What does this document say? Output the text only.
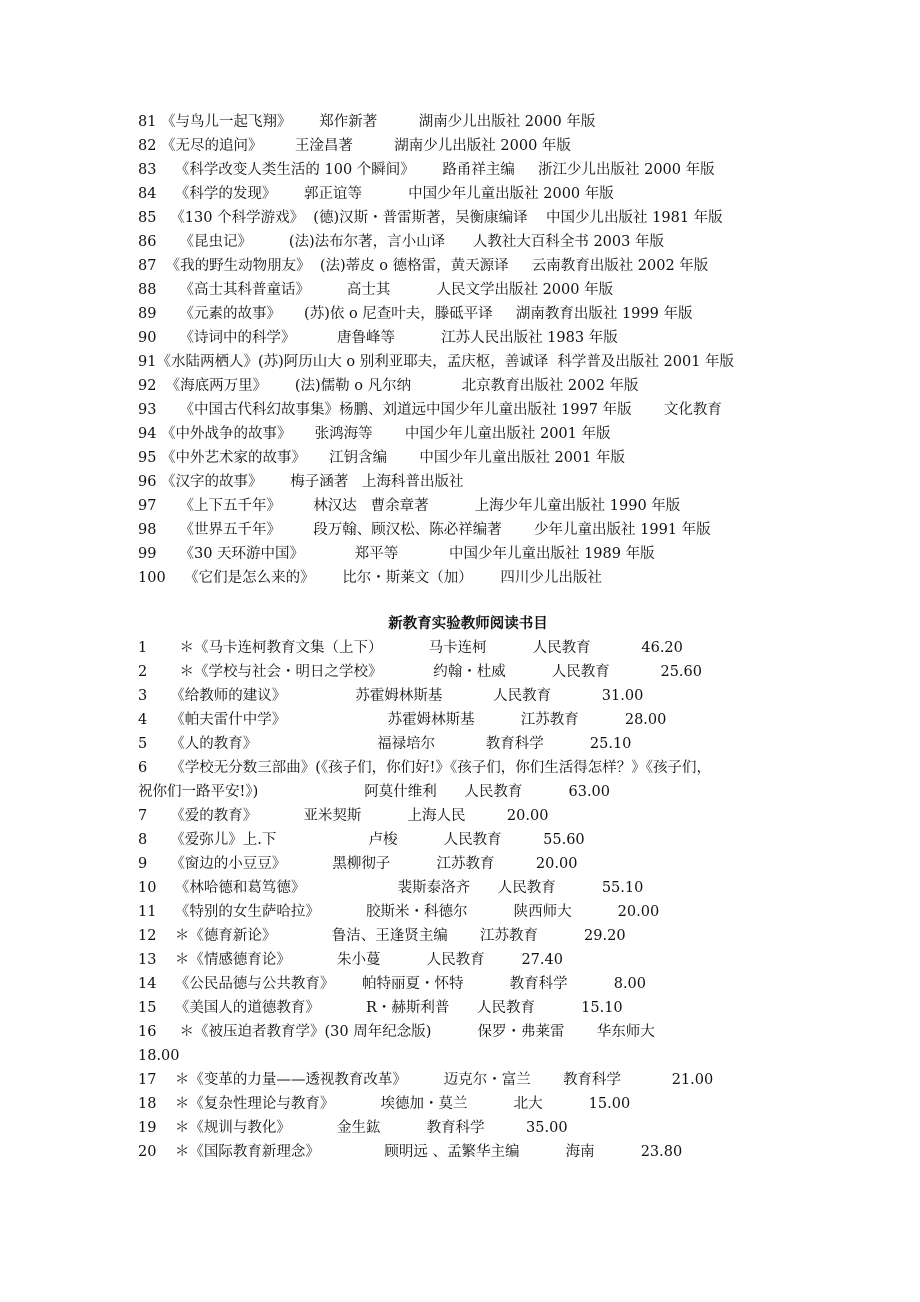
81 《与鸟儿一起飞翔》      郑作新著         湖南少儿出版社 2000 年版
82 《无尽的追问》       王淦昌著         湖南少儿出版社 2000 年版
83    《科学改变人类生活的 100 个瞬间》      路甬祥主编     浙江少儿出版社 2000 年版
84    《科学的发现》      郭正谊等          中国少年儿童出版社 2000 年版
85   《130 个科学游戏》  (德)汉斯・普雷斯著，吴衡康编译    中国少儿出版社 1981 年版
86     《昆虫记》        (法)法布尔著，言小山译      人教社大百科全书 2003 年版
87  《我的野生动物朋友》  (法)蒂皮 o 德格雷，黄天源译     云南教育出版社 2002 年版
88     《高士其科普童话》        高士其          人民文学出版社 2000 年版
89     《元素的故事》     (苏)依 o 尼查叶夫，滕砥平译     湖南教育出版社 1999 年版
90     《诗词中的科学》         唐鲁峰等          江苏人民出版社 1983 年版
91《水陆两栖人》(苏)阿历山大 o 别利亚耶夫，孟庆枢，善诚译  科学普及出版社 2001 年版
92  《海底两万里》      (法)儒勒 o 凡尔纳           北京教育出版社 2002 年版
93     《中国古代科幻故事集》杨鹏、刘道远中国少年儿童出版社 1997 年版       文化教育
94 《中外战争的故事》     张鸿海等       中国少年儿童出版社 2001 年版
95 《中外艺术家的故事》     江钥含编       中国少年儿童出版社 2001 年版
96 《汉字的故事》      梅子涵著   上海科普出版社
97     《上下五千年》       林汉达   曹余章著          上海少年儿童出版社 1990 年版
98     《世界五千年》       段万翰、顾汉松、陈必祥编著       少年儿童出版社 1991 年版
99     《30 天环游中国》           郑平等           中国少年儿童出版社 1989 年版
100    《它们是怎么来的》      比尔・斯莱文（加）      四川少儿出版社
新教育实验教师阅读书目
1       ＊《马卡连柯教育文集（上下）          马卡连柯          人民教育           46.20
2       ＊《学校与社会・明日之学校》           约翰・杜威          人民教育           25.60
3     《给教师的建议》               苏霍姆林斯基           人民教育           31.00
4     《帕夫雷什中学》                      苏霍姆林斯基          江苏教育          28.00
5     《人的教育》                          福禄培尔           教育科学          25.10
6     《学校无分数三部曲》(《孩子们，你们好!》《孩子们，你们生活得怎样？》《孩子们，
祝你们一路平安!》)                       阿莫什维利      人民教育          63.00
7     《爱的教育》          亚米契斯          上海人民         20.00
8     《爱弥儿》上.下                    卢梭          人民教育         55.60
9     《窗边的小豆豆》          黑柳彻子          江苏教育         20.00
10    《林哈德和葛笃德》                    裴斯泰洛齐      人民教育          55.10
11    《特别的女生萨哈拉》          胶斯米・科德尔          陕西师大          20.00
12    ＊《德育新论》            鲁洁、王逢贤主编       江苏教育          29.20
13    ＊《情感德育论》          朱小蔓          人民教育        27.40
14    《公民品德与公共教育》      帕特丽夏・怀特          教育科学          8.00
15    《美国人的道德教育》          R・赫斯利普      人民教育          15.10
16     ＊《被压迫者教育学》(30 周年纪念版)          保罗・弗莱雷       华东师大
18.00
17    ＊《变革的力量——透视教育改革》        迈克尔・富兰       教育科学           21.00
18    ＊《复杂性理论与教育》          埃德加・莫兰          北大          15.00
19    ＊《规训与教化》          金生鈜          教育科学         35.00
20    ＊《国际教育新理念》              顾明远 、孟繁华主编          海南          23.80
